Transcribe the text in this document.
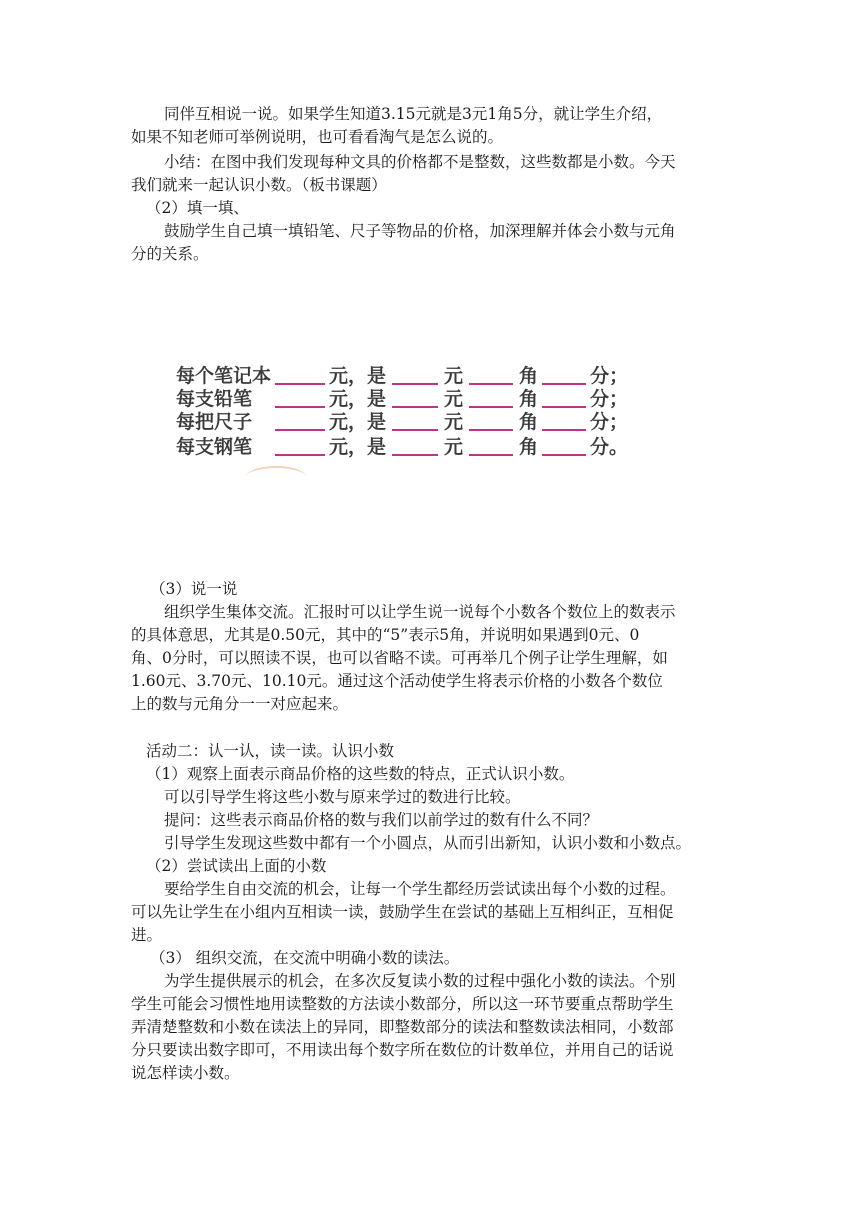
同伴互相说一说。如果学生知道3.15元就是3元1角5分，就让学生介绍，

如果不知老师可举例说明，也可看看淘气是怎么说的。

小结：在图中我们发现每种文具的价格都不是整数，这些数都是小数。今天

我们就来一起认识小数。（板书课题）

（2）填一填、

鼓励学生自己填一填铅笔、尺子等物品的价格，加深理解并体会小数与元角

分的关系。

每个笔记本	元，是	元	角	分；
每支铅笔	元，是	元	角	分；
每把尺子	元，是	元	角	分；
每支钢笔	元，是	元	角	分。

（3）说一说

组织学生集体交流。汇报时可以让学生说一说每个小数各个数位上的数表示

的具体意思，尤其是0.50元，其中的“5”表示5角，并说明如果遇到0元、0

角、0分时，可以照读不误，也可以省略不读。可再举几个例子让学生理解，如

1.60元、3.70元、10.10元。通过这个活动使学生将表示价格的小数各个数位

上的数与元角分一一对应起来。

活动二：认一认，读一读。认识小数

（1）观察上面表示商品价格的这些数的特点，正式认识小数。

可以引导学生将这些小数与原来学过的数进行比较。

提问：这些表示商品价格的数与我们以前学过的数有什么不同？

引导学生发现这些数中都有一个小圆点，从而引出新知，认识小数和小数点。

（2）尝试读出上面的小数

要给学生自由交流的机会，让每一个学生都经历尝试读出每个小数的过程。

可以先让学生在小组内互相读一读，鼓励学生在尝试的基础上互相纠正，互相促

进。

（3） 组织交流，在交流中明确小数的读法。

为学生提供展示的机会，在多次反复读小数的过程中强化小数的读法。个别

学生可能会习惯性地用读整数的方法读小数部分，所以这一环节要重点帮助学生

弄清楚整数和小数在读法上的异同，即整数部分的读法和整数读法相同，小数部

分只要读出数字即可，不用读出每个数字所在数位的计数单位，并用自己的话说

说怎样读小数。
